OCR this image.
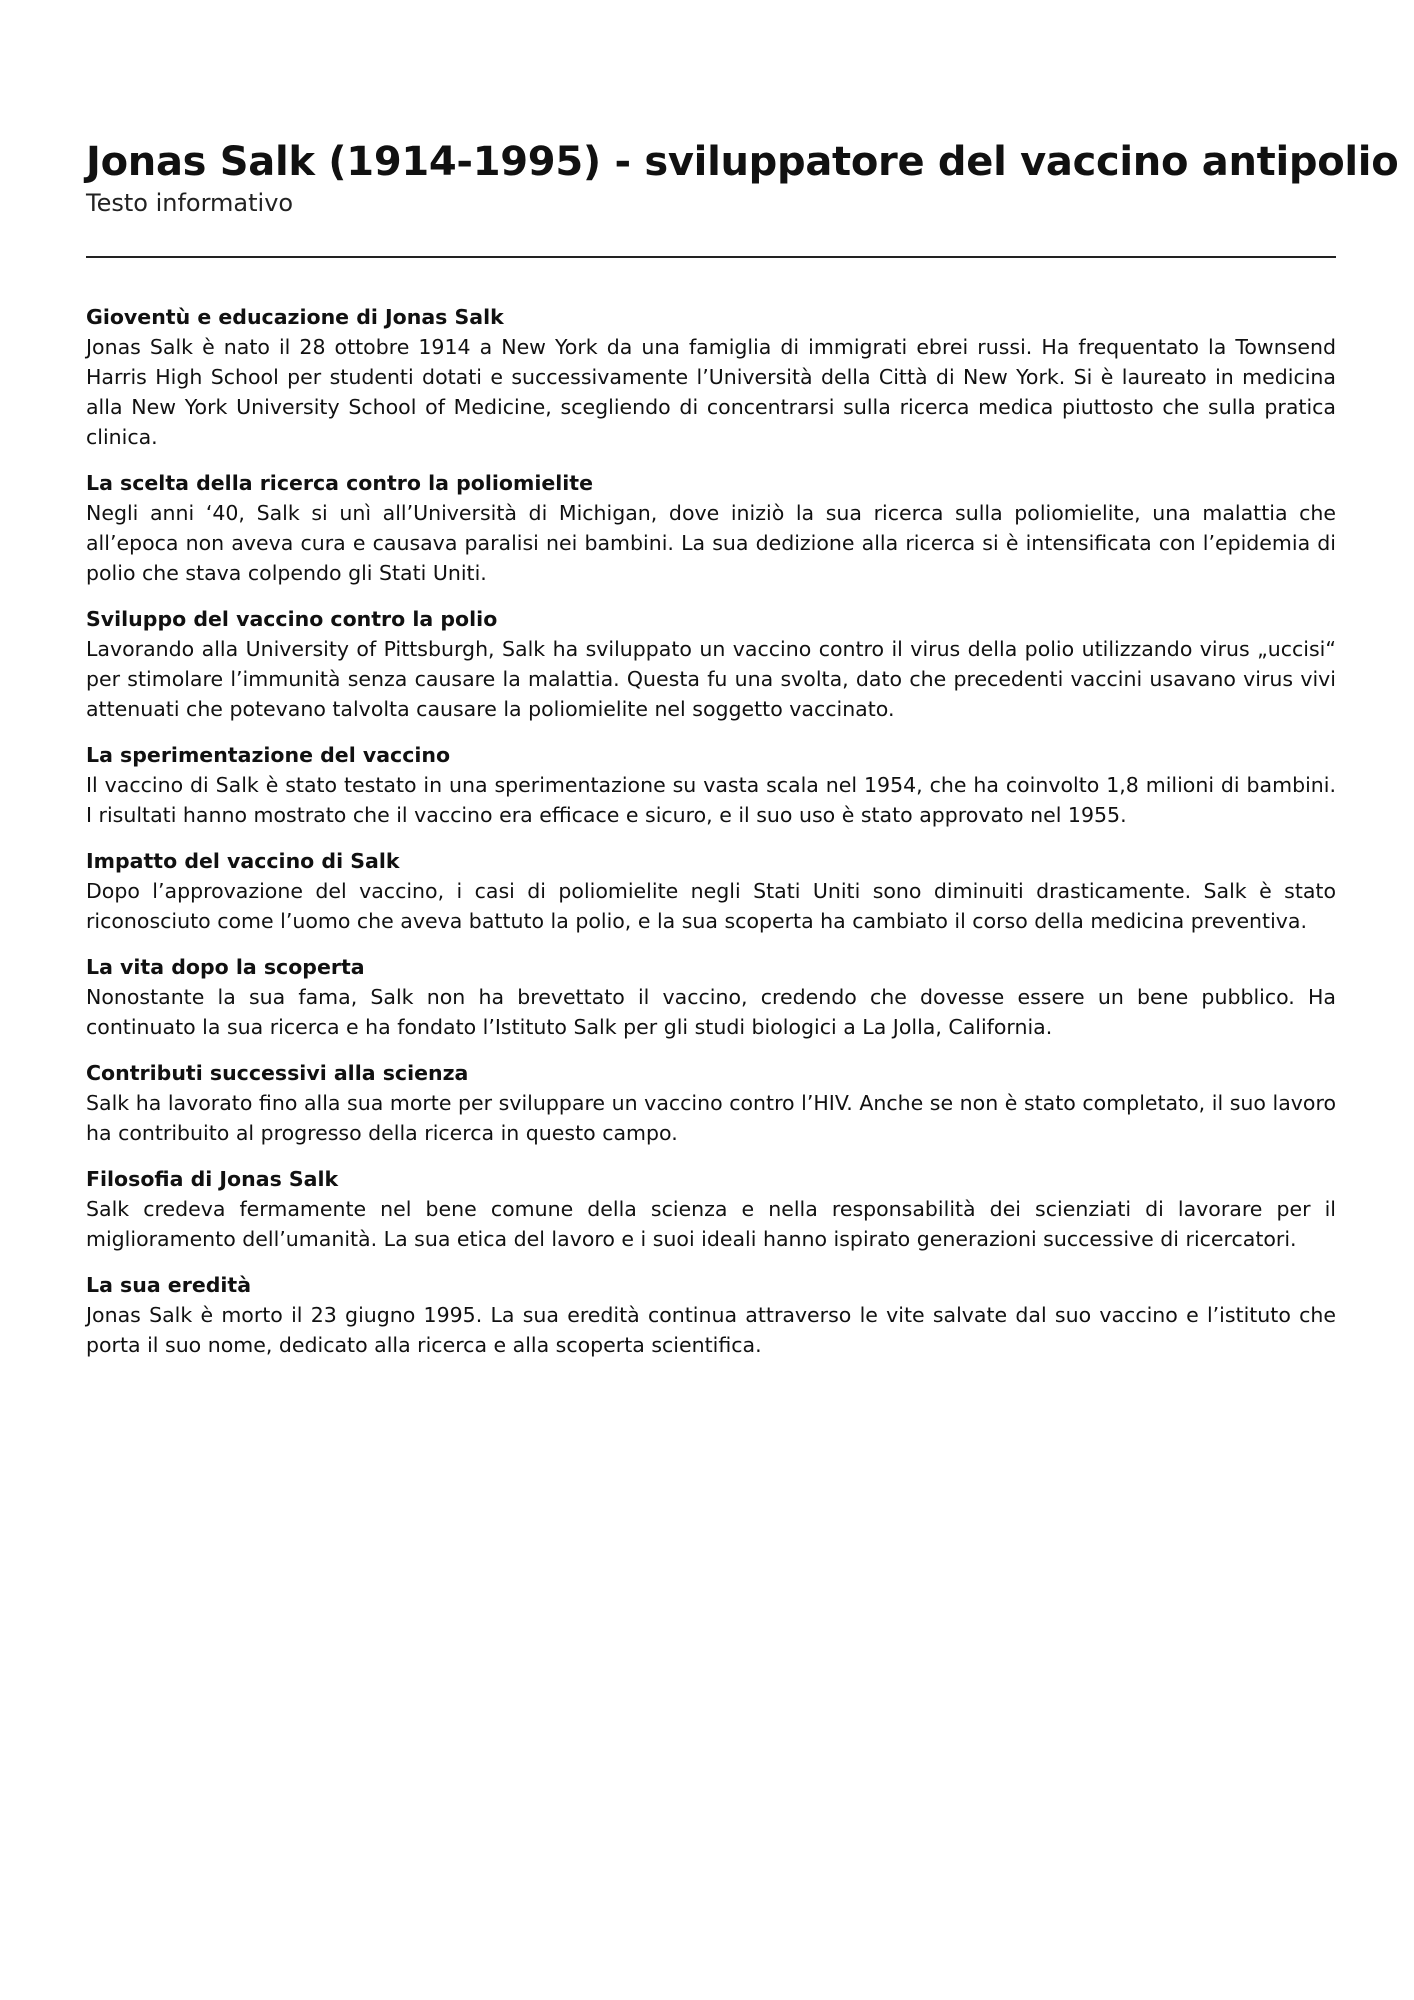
Jonas Salk (1914-1995) - sviluppatore del vaccino antipolio
Testo informativo
Gioventù e educazione di Jonas Salk

Jonas Salk è nato il 28 ottobre 1914 a New York da una famiglia di immigrati ebrei russi. Ha frequentato la Townsend Harris High School per studenti dotati e successivamente l’Università della Città di New York. Si è laureato in medicina alla New York University School of Medicine, scegliendo di concentrarsi sulla ricerca medica piuttosto che sulla pratica clinica.

La scelta della ricerca contro la poliomielite

Negli anni ‘40, Salk si unì all’Università di Michigan, dove iniziò la sua ricerca sulla poliomielite, una malattia che all’epoca non aveva cura e causava paralisi nei bambini. La sua dedizione alla ricerca si è intensificata con l’epidemia di polio che stava colpendo gli Stati Uniti.

Sviluppo del vaccino contro la polio

Lavorando alla University of Pittsburgh, Salk ha sviluppato un vaccino contro il virus della polio utilizzando virus „uccisi“ per stimolare l’immunità senza causare la malattia. Questa fu una svolta, dato che precedenti vaccini usavano virus vivi attenuati che potevano talvolta causare la poliomielite nel soggetto vaccinato.

La sperimentazione del vaccino

Il vaccino di Salk è stato testato in una sperimentazione su vasta scala nel 1954, che ha coinvolto 1,8 milioni di bambini. I risultati hanno mostrato che il vaccino era efficace e sicuro, e il suo uso è stato approvato nel 1955.

Impatto del vaccino di Salk

Dopo l’approvazione del vaccino, i casi di poliomielite negli Stati Uniti sono diminuiti drasticamente. Salk è stato riconosciuto come l’uomo che aveva battuto la polio, e la sua scoperta ha cambiato il corso della medicina preventiva.

La vita dopo la scoperta

Nonostante la sua fama, Salk non ha brevettato il vaccino, credendo che dovesse essere un bene pubblico. Ha continuato la sua ricerca e ha fondato l’Istituto Salk per gli studi biologici a La Jolla, California.

Contributi successivi alla scienza

Salk ha lavorato fino alla sua morte per sviluppare un vaccino contro l’HIV. Anche se non è stato completato, il suo lavoro ha contribuito al progresso della ricerca in questo campo.

Filosofia di Jonas Salk

Salk credeva fermamente nel bene comune della scienza e nella responsabilità dei scienziati di lavorare per il miglioramento dell’umanità. La sua etica del lavoro e i suoi ideali hanno ispirato generazioni successive di ricercatori.

La sua eredità

Jonas Salk è morto il 23 giugno 1995. La sua eredità continua attraverso le vite salvate dal suo vaccino e l’istituto che porta il suo nome, dedicato alla ricerca e alla scoperta scientifica.
